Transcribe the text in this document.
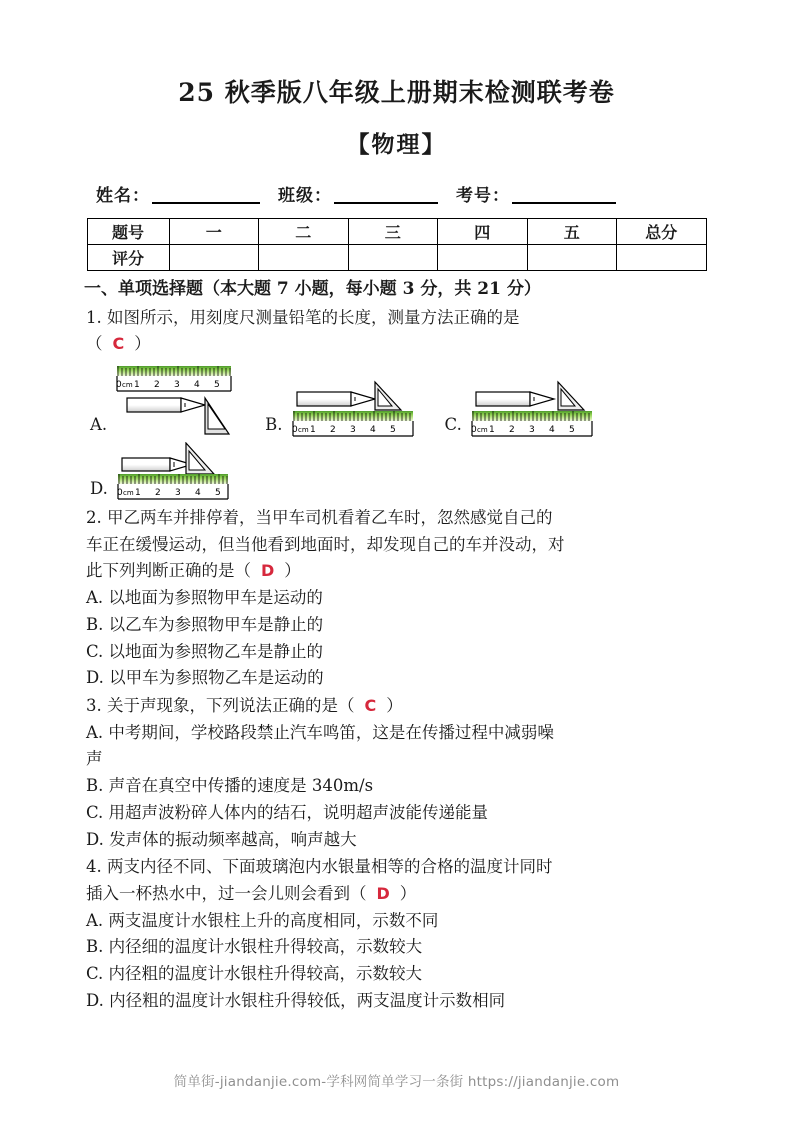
25 秋季版八年级上册期末检测联考卷
【物理】
姓名：	班级：	考号：
题号	一	二	三	四	五	总分
评分						
一、单项选择题（本大题 7 小题，每小题 3 分，共 21 分）
1. 如图所示，用刻度尺测量铅笔的长度，测量方法正确的是
（ C ）
A.
0 cm 1 2 3 4 5
B.	0 cm 1 2 3 4 5	C.	0 cm 1 2 3 4 5
D.	0 cm 1 2 3 4 5
2. 甲乙两车并排停着，当甲车司机看着乙车时，忽然感觉自己的
车正在缓慢运动，但当他看到地面时，却发现自己的车并没动，对
此下列判断正确的是（ D ）
A. 以地面为参照物甲车是运动的
B. 以乙车为参照物甲车是静止的
C. 以地面为参照物乙车是静止的
D. 以甲车为参照物乙车是运动的
3. 关于声现象，下列说法正确的是（ C ）
A. 中考期间，学校路段禁止汽车鸣笛，这是在传播过程中减弱噪
声
B. 声音在真空中传播的速度是 340m/s
C. 用超声波粉碎人体内的结石，说明超声波能传递能量
D. 发声体的振动频率越高，响声越大
4. 两支内径不同、下面玻璃泡内水银量相等的合格的温度计同时
插入一杯热水中，过一会儿则会看到（ D ）
A. 两支温度计水银柱上升的高度相同，示数不同
B. 内径细的温度计水银柱升得较高，示数较大
C. 内径粗的温度计水银柱升得较高，示数较大
D. 内径粗的温度计水银柱升得较低，两支温度计示数相同
简单街-jiandanjie.com-学科网简单学习一条街 https://jiandanjie.com
